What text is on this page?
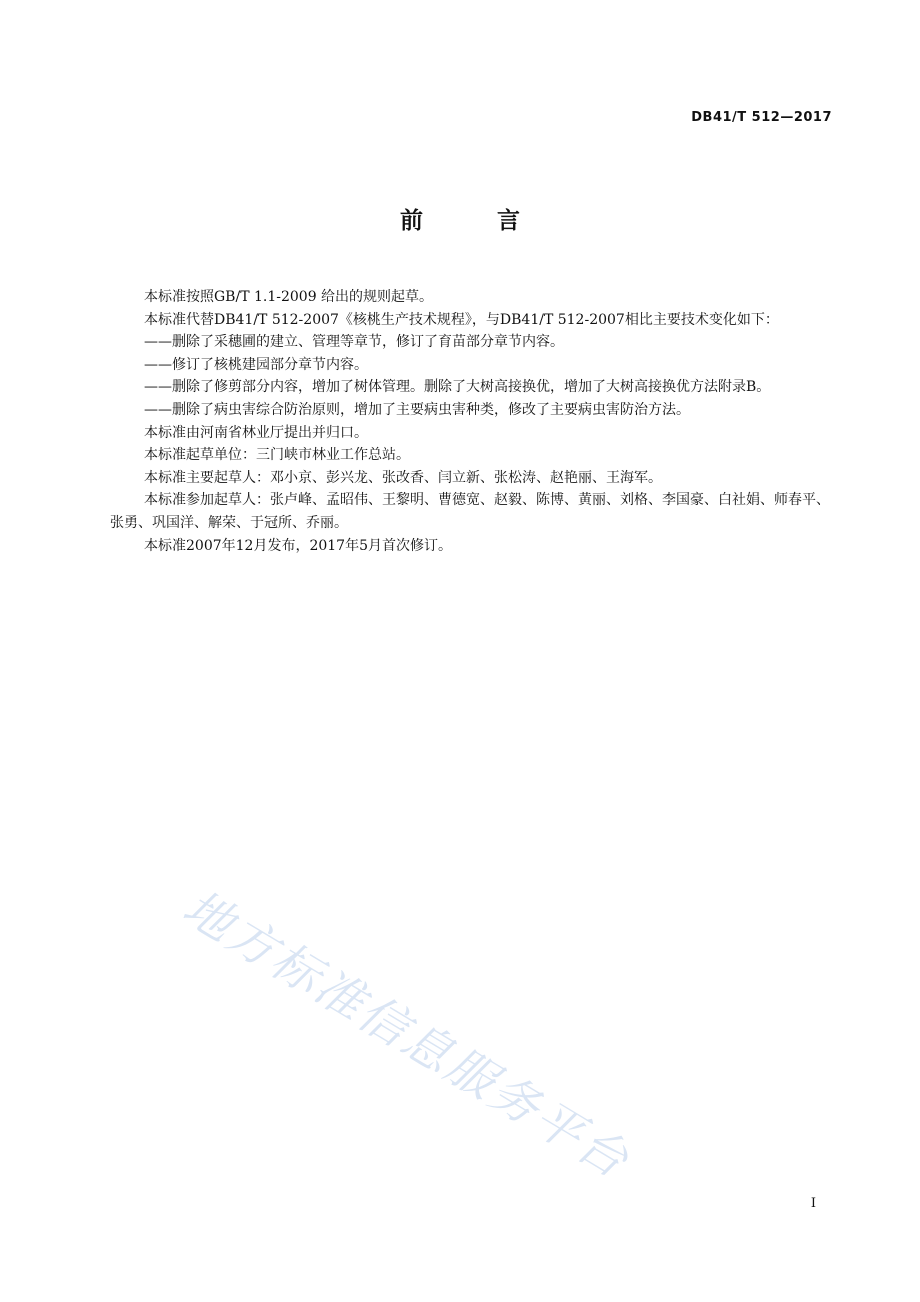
DB41/T 512—2017
前言

本标准按照GB/T 1.1-2009 给出的规则起草。

本标准代替DB41/T 512-2007《核桃生产技术规程》，与DB41/T 512-2007相比主要技术变化如下：

——删除了采穗圃的建立、管理等章节，修订了育苗部分章节内容。

——修订了核桃建园部分章节内容。

——删除了修剪部分内容，增加了树体管理。删除了大树高接换优，增加了大树高接换优方法附录B。

——删除了病虫害综合防治原则，增加了主要病虫害种类，修改了主要病虫害防治方法。

本标准由河南省林业厅提出并归口。

本标准起草单位：三门峡市林业工作总站。

本标准主要起草人：邓小京、彭兴龙、张改香、闫立新、张松涛、赵艳丽、王海军。

本标准参加起草人：张卢峰、孟昭伟、王黎明、曹德宽、赵毅、陈博、黄丽、刘格、李国豪、白社娟、师春平、张勇、巩国洋、解荣、于冠所、乔丽。

本标准2007年12月发布，2017年5月首次修订。

地方标准信息服务平台
I
